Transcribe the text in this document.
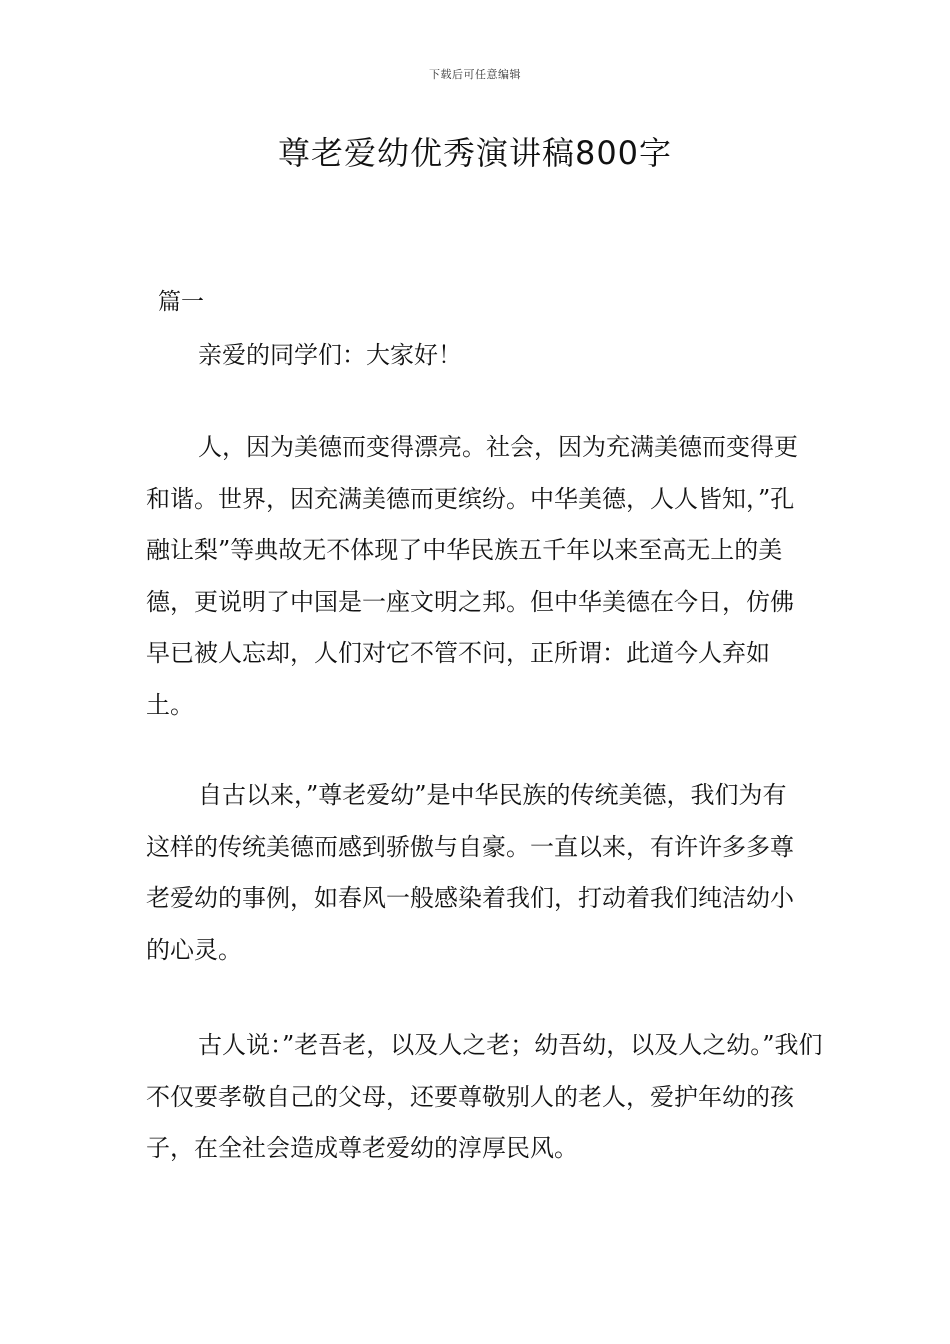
下载后可任意编辑
尊老爱幼优秀演讲稿800字
篇一

亲爱的同学们：大家好！

人，因为美德而变得漂亮。社会，因为充满美德而变得更和谐。世界，因充满美德而更缤纷。中华美德，人人皆知，”孔融让梨”等典故无不体现了中华民族五千年以来至高无上的美德，更说明了中国是一座文明之邦。但中华美德在今日，仿佛早已被人忘却，人们对它不管不问，正所谓：此道今人弃如土。

自古以来，”尊老爱幼”是中华民族的传统美德，我们为有这样的传统美德而感到骄傲与自豪。一直以来，有许许多多尊老爱幼的事例，如春风一般感染着我们，打动着我们纯洁幼小的心灵。

古人说：”老吾老，以及人之老；幼吾幼，以及人之幼。”我们不仅要孝敬自己的父母，还要尊敬别人的老人，爱护年幼的孩子，在全社会造成尊老爱幼的淳厚民风。
